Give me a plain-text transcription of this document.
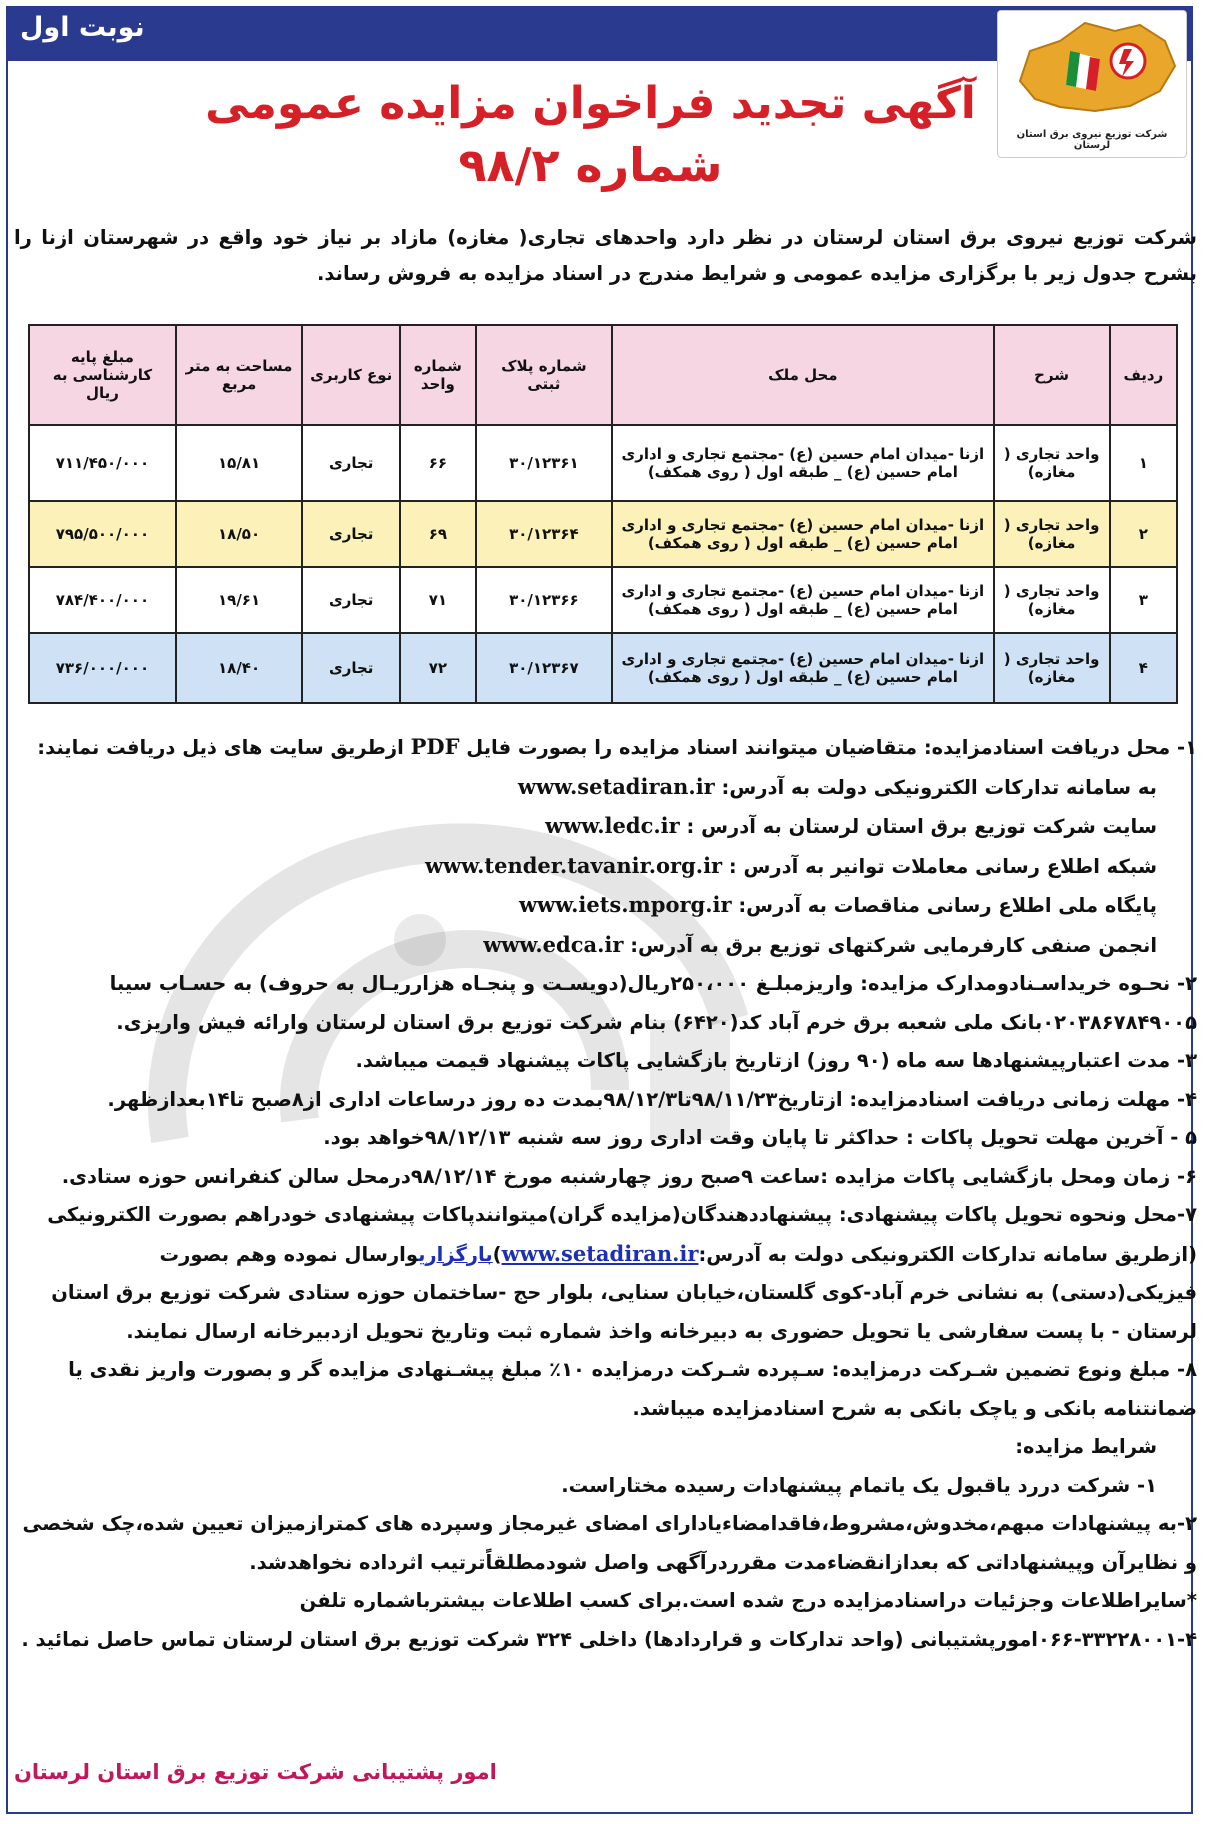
نوبت اول
شرکت توزیع نیروی برق استان لرستان
آگهی تجدید فراخوان مزایده عمومی
شماره ۹۸/۲
شرکت توزیع نیروی برق استان لرستان در نظر دارد واحدهای تجاری( مغازه) مازاد بر نیاز خود واقع در شهرستان ازنا را بشرح جدول زیر با برگزاری مزایده عمومی و شرایط مندرج در اسناد مزایده به فروش رساند.
ردیف	شرح	محل ملک	شماره پلاک ثبتی	شماره واحد	نوع کاربری	مساحت به متر مربع	مبلغ پایه کارشناسی به ریال
۱	واحد تجاری ( مغازه)	ازنا -میدان امام حسین (ع) -مجتمع تجاری و اداری امام حسین (ع) _ طبقه اول ( روی همکف)	۳۰/۱۲۳۶۱	۶۶	تجاری	۱۵/۸۱	۷۱۱/۴۵۰/۰۰۰
۲	واحد تجاری ( مغازه)	ازنا -میدان امام حسین (ع) -مجتمع تجاری و اداری امام حسین (ع) _ طبقه اول ( روی همکف)	۳۰/۱۲۳۶۴	۶۹	تجاری	۱۸/۵۰	۷۹۵/۵۰۰/۰۰۰
۳	واحد تجاری ( مغازه)	ازنا -میدان امام حسین (ع) -مجتمع تجاری و اداری امام حسین (ع) _ طبقه اول ( روی همکف)	۳۰/۱۲۳۶۶	۷۱	تجاری	۱۹/۶۱	۷۸۴/۴۰۰/۰۰۰
۴	واحد تجاری ( مغازه)	ازنا -میدان امام حسین (ع) -مجتمع تجاری و اداری امام حسین (ع) _ طبقه اول ( روی همکف)	۳۰/۱۲۳۶۷	۷۲	تجاری	۱۸/۴۰	۷۳۶/۰۰۰/۰۰۰

۱- محل دریافت اسنادمزایده: متقاضیان میتوانند اسناد مزایده را بصورت فایل PDF ازطریق سایت های ذیل دریافت نمایند:

به سامانه تدارکات الکترونیکی دولت به آدرس: www.setadiran.ir

سایت شرکت توزیع برق استان لرستان به آدرس : www.ledc.ir

شبکه اطلاع رسانی معاملات توانیر به آدرس : www.tender.tavanir.org.ir

پایگاه ملی اطلاع رسانی مناقصات به آدرس: www.iets.mporg.ir

انجمن صنفی کارفرمایی شرکتهای توزیع برق به آدرس: www.edca.ir

۲- نحـوه خریداسـنادومدارک مزایده: واریزمبلـغ ۲۵۰،۰۰۰ریال(دویسـت و پنجـاه هزارریـال به حروف) به حسـاب سیبا ۰۲۰۳۸۶۷۸۴۹۰۰۵بانک ملی شعبه برق خرم آباد کد(۶۴۲۰) بنام شرکت توزیع برق استان لرستان وارائه فیش واریزی.

۳- مدت اعتبارپیشنهادها سه ماه (۹۰ روز) ازتاریخ بازگشایی پاکات پیشنهاد قیمت میباشد.

۴- مهلت زمانی دریافت اسنادمزایده: ازتاریخ۹۸/۱۱/۲۳تا۹۸/۱۲/۳بمدت ده روز درساعات اداری از۸صبح تا۱۴بعدازظهر.

۵ - آخرین مهلت تحویل پاکات : حداکثر تا پایان وقت اداری روز سه شنبه ۹۸/۱۲/۱۳خواهد بود.

۶- زمان ومحل بازگشایی پاکات مزایده :ساعت ۹صبح روز چهارشنبه مورخ ۹۸/۱۲/۱۴درمحل سالن کنفرانس حوزه ستادی.

۷-محل ونحوه تحویل پاکات پیشنهادی: پیشنهاددهندگان(مزایده گران)میتوانندپاکات پیشنهادی خودراهم بصورت الکترونیکی (ازطریق سامانه تدارکات الکترونیکی دولت به آدرس:www.setadiran.ir)بارگزاریوارسال نموده وهم بصورت فیزیکی(دستی) به نشانی خرم آباد-کوی گلستان،خیابان سنایی، بلوار حج -ساختمان حوزه ستادی شرکت توزیع برق استان لرستان - با پست سفارشی یا تحویل حضوری به دبیرخانه واخذ شماره ثبت وتاریخ تحویل ازدبیرخانه ارسال نمایند.

۸- مبلغ ونوع تضمین شـرکت درمزایده: سـپرده شـرکت درمزایده ۱۰٪ مبلغ پیشـنهادی مزایده گر و بصورت واریز نقدی یا ضمانتنامه بانکی و یاچک بانکی به شرح اسنادمزایده میباشد.

شرایط مزایده:

۱- شرکت دررد یاقبول یک یاتمام پیشنهادات رسیده مختاراست.

۲-به پیشنهادات مبهم،مخدوش،مشروط،فاقدامضاءیادارای امضای غیرمجاز وسپرده های کمترازمیزان تعیین شده،چک شخصی و نظایرآن وپیشنهاداتی که بعدازانقضاءمدت مقرردرآگهی واصل شودمطلقاًترتیب اثرداده نخواهدشد.

*سایراطلاعات وجزئیات دراسنادمزایده درج شده است.برای کسب اطلاعات بیشترباشماره تلفن ۴-۳۳۲۲۸۰۰۱-۰۶۶امورپشتیبانی (واحد تدارکات و قراردادها) داخلی ۳۲۴ شرکت توزیع برق استان لرستان تماس حاصل نمائید .

امور پشتیبانی شرکت توزیع برق استان لرستان
